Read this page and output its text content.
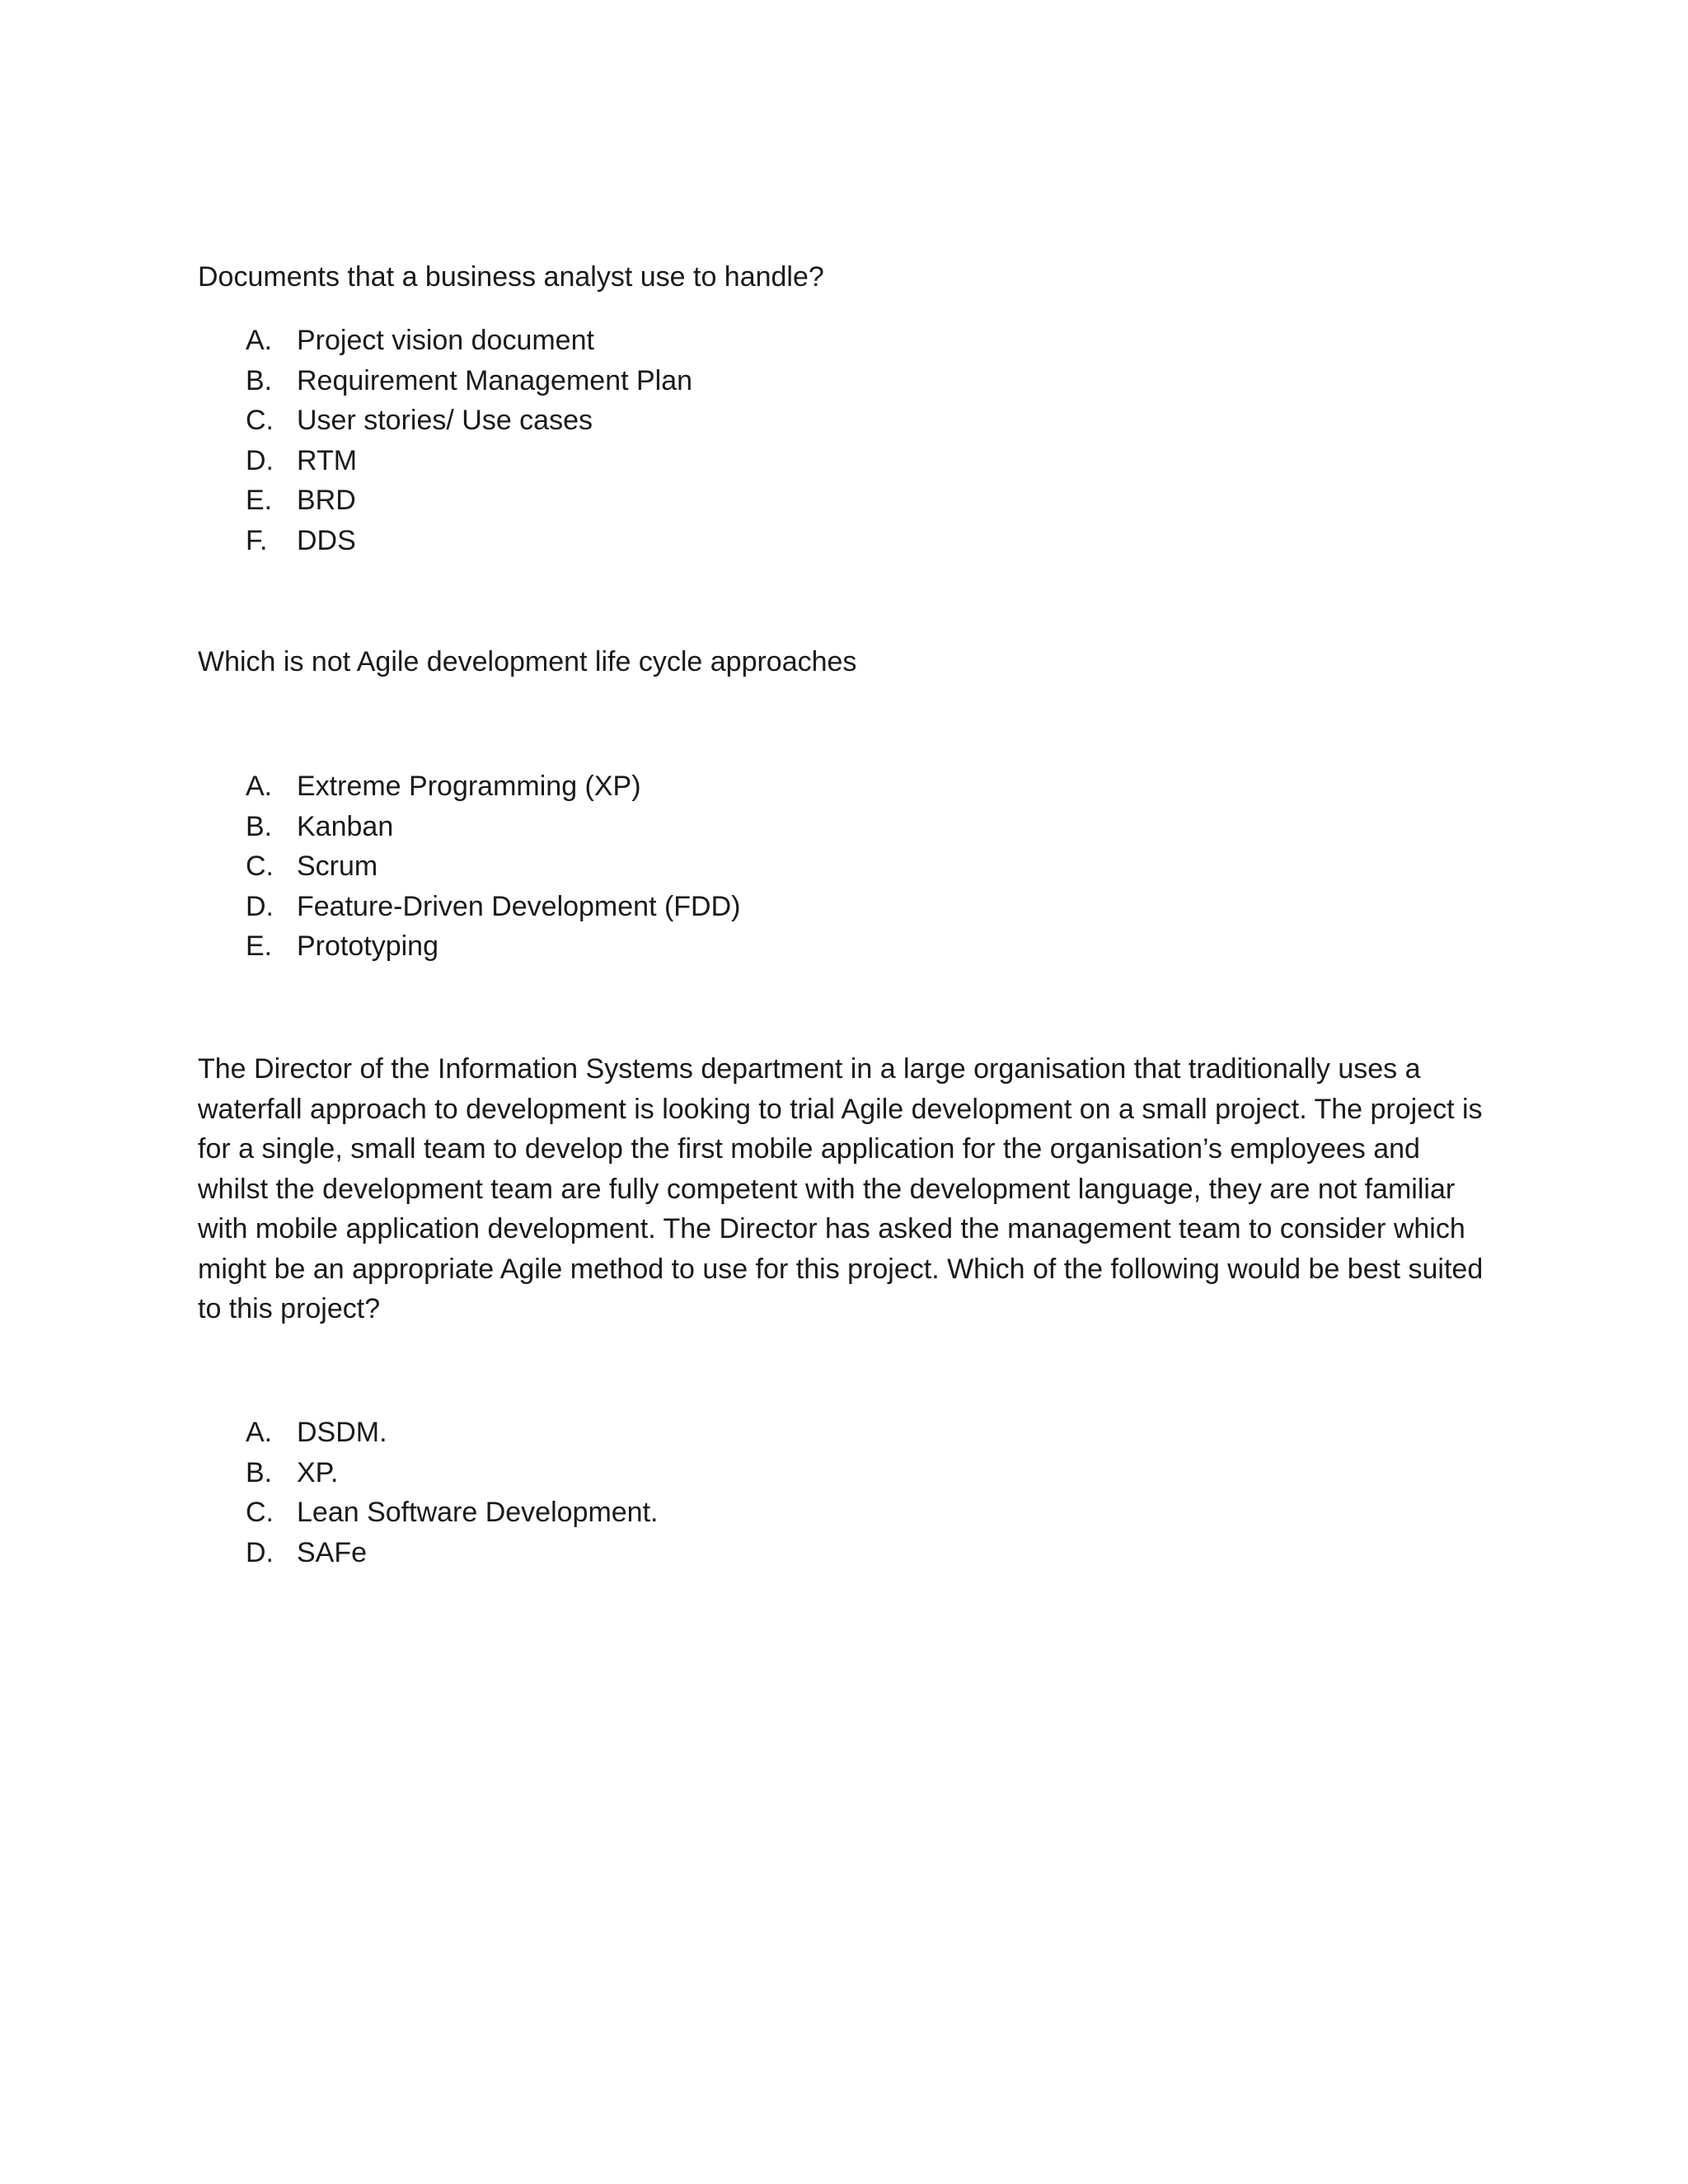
Documents that a business analyst use to handle?

A. Project vision document
B. Requirement Management Plan
C. User stories/ Use cases
D. RTM
E. BRD
F.	DDS

Which is not Agile development life cycle approaches

A. Extreme Programming (XP)
B. Kanban
C. Scrum
D. Feature-Driven Development (FDD)
E. Prototyping

The Director of the Information Systems department in a large organisation that traditionally uses a waterfall approach to development is looking to trial Agile development on a small project. The project is for a single, small team to develop the first mobile application for the organisation’s employees and whilst the development team are fully competent with the development language, they are not familiar with mobile application development. The Director has asked the management team to consider which might be an appropriate Agile method to use for this project. Which of the following would be best suited to this project?

A. DSDM.
B. XP.
C. Lean Software Development.
D. SAFe
